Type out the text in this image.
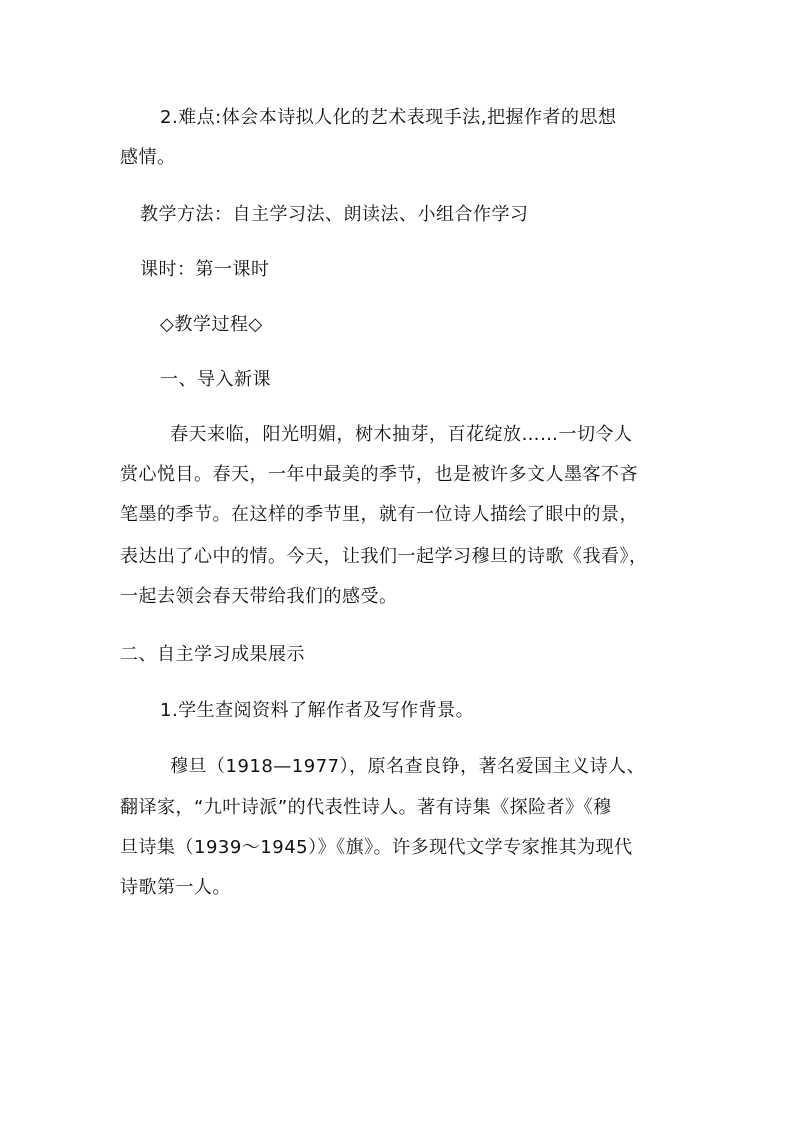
2.难点:体会本诗拟人化的艺术表现手法,把握作者的思想
感情。
教学方法：自主学习法、朗读法、小组合作学习
课时：第一课时
◇教学过程◇
一、导入新课
春天来临，阳光明媚，树木抽芽，百花绽放……一切令人
赏心悦目。春天，一年中最美的季节，也是被许多文人墨客不吝
笔墨的季节。在这样的季节里，就有一位诗人描绘了眼中的景，
表达出了心中的情。今天，让我们一起学习穆旦的诗歌《我看》，
一起去领会春天带给我们的感受。
二、自主学习成果展示
1.学生查阅资料了解作者及写作背景。
穆旦（1918—1977），原名查良铮，著名爱国主义诗人、
翻译家，“九叶诗派”的代表性诗人。著有诗集《探险者》《穆
旦诗集（1939～1945）》《旗》。许多现代文学专家推其为现代
诗歌第一人。
